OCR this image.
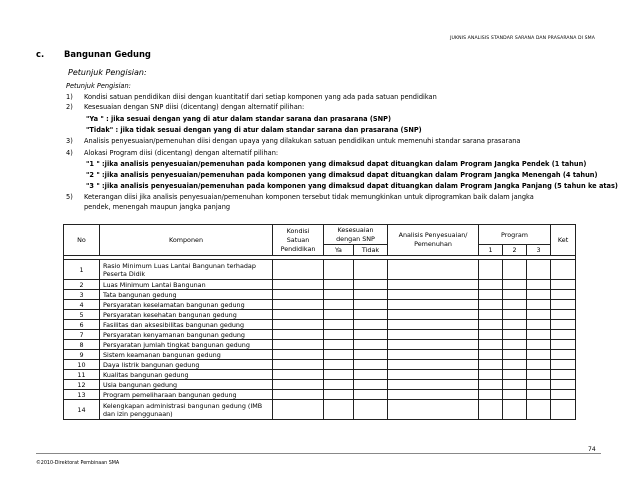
JUKNIS ANALISIS STANDAR SARANA DAN PRASARANA DI SMA
c. Bangunan Gedung
Petunjuk Pengisian:
Petunjuk Pengisian:
1) Kondisi satuan pendidikan diisi dengan kuantitatif dari setiap komponen yang ada pada satuan pendidikan
2) Kesesuaian dengan SNP diisi (dicentang) dengan alternatif pilihan:
"Ya " : jika sesuai dengan yang di atur dalam standar sarana dan prasarana (SNP)
"Tidak" : jika tidak sesuai dengan yang di atur dalam standar sarana dan prasarana (SNP)
3) Analisis penyesuaian/pemenuhan diisi dengan upaya yang dilakukan satuan pendidikan untuk memenuhi standar sarana prasarana
4) Alokasi Program diisi (dicentang) dengan alternatif pilihan:
"1 " :jika analisis penyesuaian/pemenuhan pada komponen yang dimaksud dapat dituangkan dalam Program Jangka Pendek (1 tahun)
"2 " :jika analisis penyesuaian/pemenuhan pada komponen yang dimaksud dapat dituangkan dalam Program Jangka Menengah (4 tahun)
"3 " :jika analisis penyesuaian/pemenuhan pada komponen yang dimaksud dapat dituangkan dalam Program Jangka Panjang (5 tahun ke atas)
5) Keterangan diisi jika analisis penyesuaian/pemenuhan komponen tersebut tidak memungkinkan untuk diprogramkan baik dalam jangka
pendek, menengah maupun jangka panjang
No	Komponen	Kondisi Satuan Pendidikan	Kesesuaian dengan SNP		Analisis Penyesuaian/ Pemenuhan	Program			Ket
			Ya	Tidak		1	2	3	

1	Rasio Minimum Luas Lantai Bangunan terhadap Peserta Didik								
2	Luas Minimum Lantai Bangunan								
3	Tata bangunan gedung								
4	Persyaratan keselamatan bangunan gedung								
5	Persyaratan kesehatan bangunan gedung								
6	Fasilitas dan aksesibilitas bangunan gedung								
7	Persyaratan kenyamanan bangunan gedung								
8	Persyaratan jumlah tingkat bangunan gedung								
9	Sistem keamanan bangunan gedung								
10	Daya listrik bangunan gedung								
11	Kualitas bangunan gedung								
12	Usia bangunan gedung								
13	Program pemeliharaan bangunan gedung								
14	Kelengkapan administrasi bangunan gedung (IMB dan izin penggunaan)								
74
©2010-Direktorat Pembinaan SMA
